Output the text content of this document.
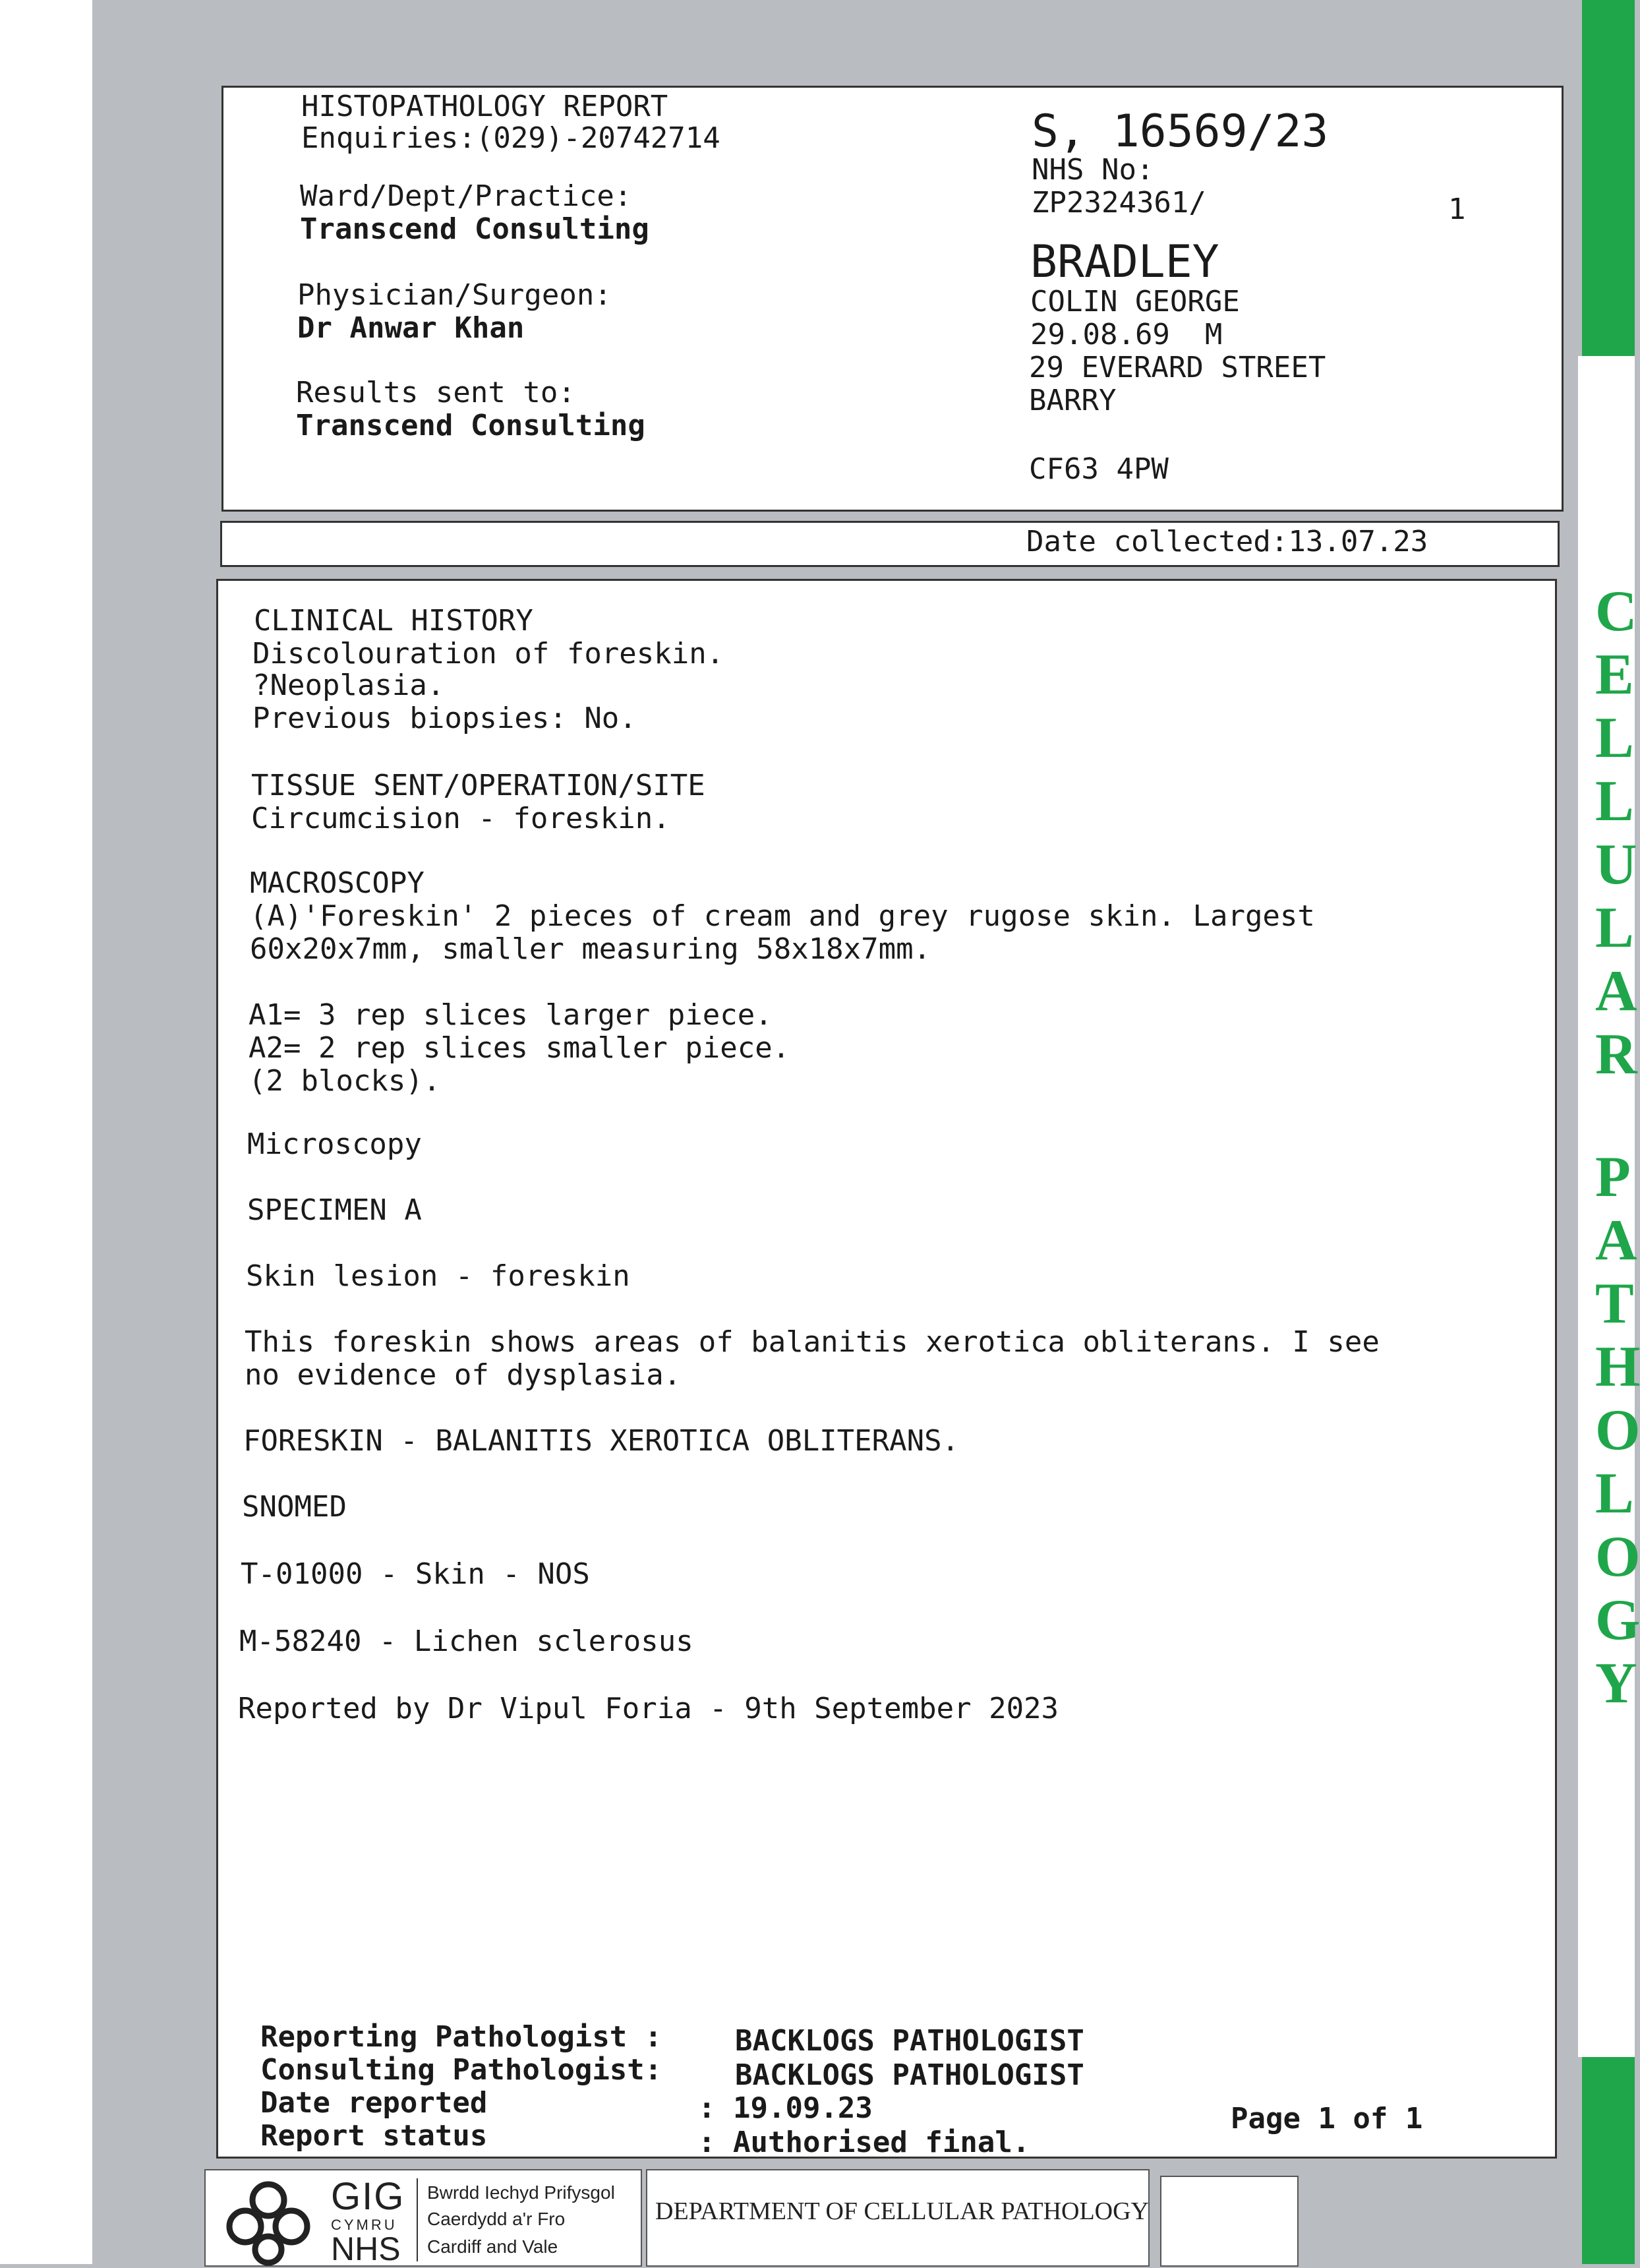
C
E
L
L
U
L
A
R
P
A
T
H
O
L
O
G
Y
HISTOPATHOLOGY REPORT
Enquiries:(029)-20742714
Ward/Dept/Practice:
Transcend Consulting
Physician/Surgeon:
Dr Anwar Khan
Results sent to:
Transcend Consulting
S, 16569/23
NHS No:
ZP2324361/	1
BRADLEY
COLIN GEORGE
29.08.69  M
29 EVERARD STREET
BARRY
CF63 4PW
Date collected:13.07.23
CLINICAL HISTORY
Discolouration of foreskin.
?Neoplasia.
Previous biopsies: No.
TISSUE SENT/OPERATION/SITE
Circumcision - foreskin.
MACROSCOPY
(A)'Foreskin' 2 pieces of cream and grey rugose skin. Largest
60x20x7mm, smaller measuring 58x18x7mm.
A1= 3 rep slices larger piece.
A2= 2 rep slices smaller piece.
(2 blocks).
Microscopy
SPECIMEN A
Skin lesion - foreskin
This foreskin shows areas of balanitis xerotica obliterans. I see
no evidence of dysplasia.
FORESKIN - BALANITIS XEROTICA OBLITERANS.
SNOMED
T-01000 - Skin - NOS
M-58240 - Lichen sclerosus
Reported by Dr Vipul Foria - 9th September 2023
Reporting Pathologist :	BACKLOGS PATHOLOGIST
Consulting Pathologist:	BACKLOGS PATHOLOGIST
Date reported	: 19.09.23
Report status	: Authorised final.
Page 1 of 1
GIG
CYMRU
NHS
Bwrdd Iechyd Prifysgol
Caerdydd a'r Fro
Cardiff and Vale
DEPARTMENT OF CELLULAR PATHOLOGY
